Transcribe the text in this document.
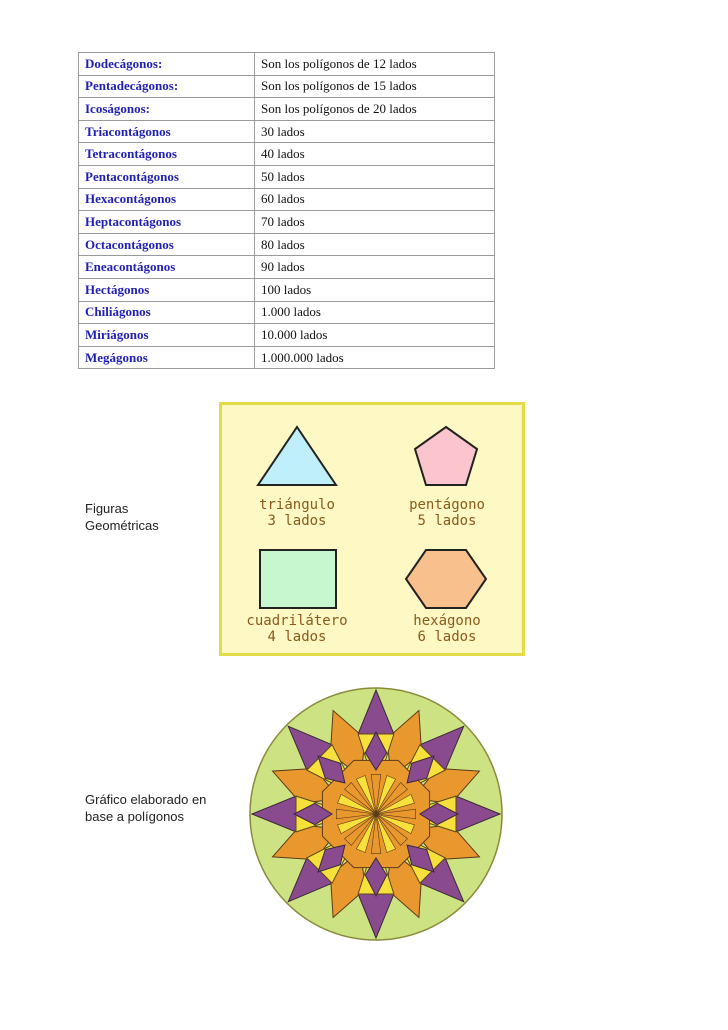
Dodecágonos:	Son los polígonos de 12 lados
Pentadecágonos:	Son los polígonos de 15 lados
Icoságonos:	Son los polígonos de 20 lados
Triacontágonos	30 lados
Tetracontágonos	40 lados
Pentacontágonos	50 lados
Hexacontágonos	60 lados
Heptacontágonos	70 lados
Octacontágonos	80 lados
Eneacontágonos	90 lados
Hectágonos	100 lados
Chiliágonos	1.000 lados
Miriágonos	10.000 lados
Megágonos	1.000.000 lados
Figuras
Geométricas
triángulo
3 lados
pentágono
5 lados
cuadrilátero
4 lados
hexágono
6 lados
Gráfico elaborado en
base a polígonos
